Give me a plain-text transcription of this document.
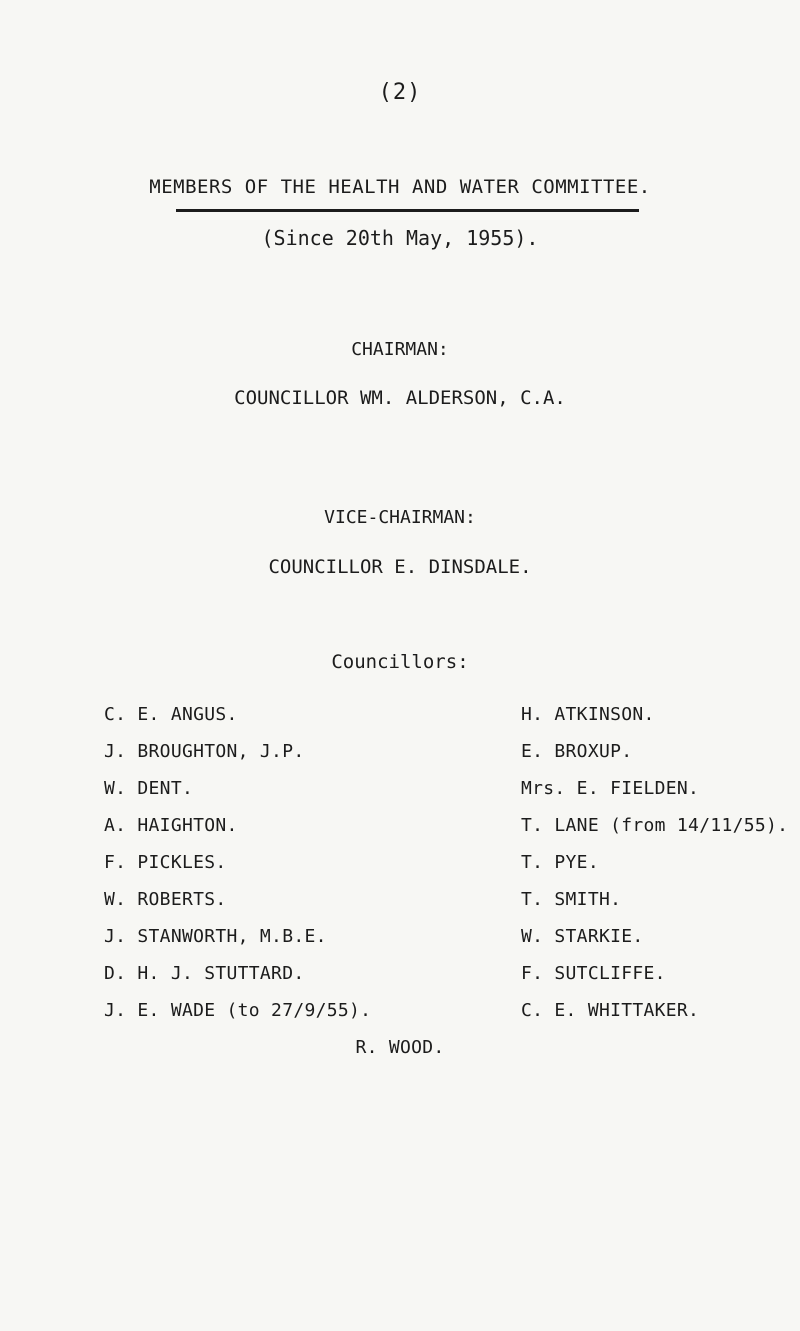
(2)
MEMBERS OF THE HEALTH AND WATER COMMITTEE.
(Since 20th May, 1955).
CHAIRMAN:
COUNCILLOR WM. ALDERSON, C.A.
VICE-CHAIRMAN:
COUNCILLOR E. DINSDALE.
Councillors:
C. E. ANGUS.
J. BROUGHTON, J.P.
W. DENT.
A. HAIGHTON.
F. PICKLES.
W. ROBERTS.
J. STANWORTH, M.B.E.
D. H. J. STUTTARD.
J. E. WADE (to 27/9/55).
H. ATKINSON.
E. BROXUP.
Mrs. E. FIELDEN.
T. LANE (from 14/11/55).
T. PYE.
T. SMITH.
W. STARKIE.
F. SUTCLIFFE.
C. E. WHITTAKER.
R. WOOD.
